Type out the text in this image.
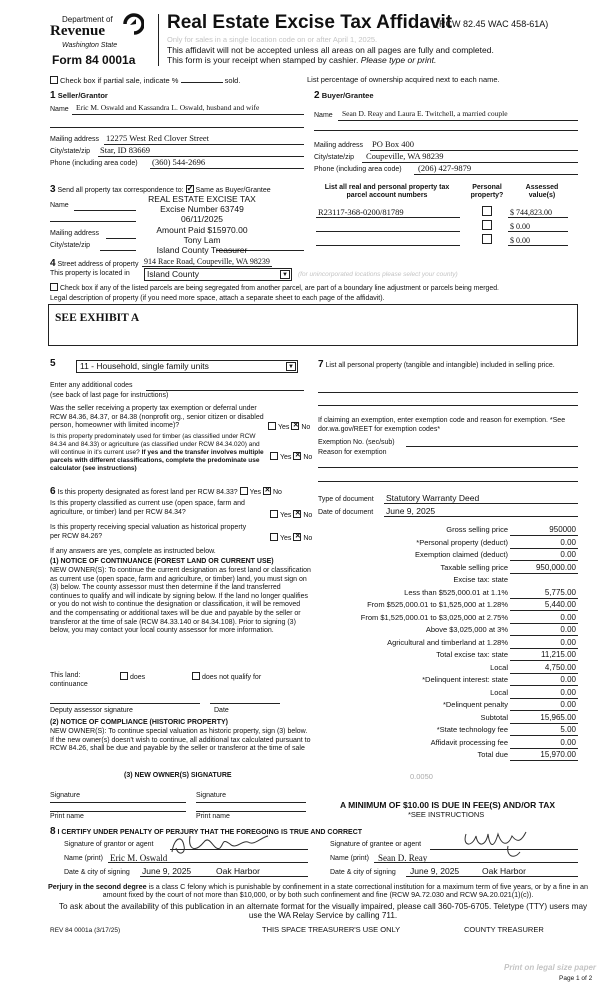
Department of
Revenue
Washington State
Form 84 0001a
Real Estate Excise Tax Affidavit
(RCW 82.45 WAC 458-61A)
Only for sales in a single location code on or after April 1, 2025.
This affidavit will not be accepted unless all areas on all pages are fully and completed.
This form is your receipt when stamped by cashier. Please type or print.
Check box if partial sale, indicate %	sold.	List percentage of ownership acquired next to each name.
1 Seller/Grantor
Name Eric M. Oswald and Kassandra L. Oswald, husband and wife
Mailing address 12275 West Red Clover Street
City/state/zip Star, ID 83669
Phone (including area code) (360) 544-2696
2 Buyer/Grantee
Name Sean D. Reay and Laura E. Twitchell, a married couple
Mailing address PO Box 400
City/state/zip Coupeville, WA 98239
Phone (including area code) (206) 427-9879
3 Send all property tax correspondence to: ✓ Same as Buyer/Grantee
Name
Mailing address
City/state/zip
REAL ESTATE EXCISE TAX
Excise Number 63749
06/11/2025
Amount Paid $15970.00
Tony Lam
Island County Treasurer
List all real and personal property tax parcel account numbers
Personal property?
Assessed value(s)
R23117-368-0200/81789	$ 744,823.00
$ 0.00
$ 0.00
4 Street address of property 914 Race Road, Coupeville, WA 98239
This property is located in Island County	▼	(for unincorporated locations please select your county)
Check box if any of the listed parcels are being segregated from another parcel, are part of a boundary line adjustment or parcels being merged.
Legal description of property (if you need more space, attach a separate sheet to each page of the affidavit).
SEE EXHIBIT A
5	11 - Household, single family units	▼
Enter any additional codes
(see back of last page for instructions)
Was the seller receiving a property tax exemption or deferral under RCW 84.36, 84.37, or 84.38 (nonprofit org., senior citizen or disabled person, homeowner with limited income)?	Yes ✕ No
Is this property predominately used for timber (as classified under RCW 84.34 and 84.33) or agriculture (as classified under RCW 84.34.020) and will continue in it's current use? If yes and the transfer involves multiple parcels with different classifications, complete the predominate use calculator (see instructions)
Yes ✕ No
7 List all personal property (tangible and intangible) included in selling price.
If claiming an exemption, enter exemption code and reason for exemption. *See dor.wa.gov/REET for exemption codes*
Exemption No. (sec/sub)
Reason for exemption
6 Is this property designated as forest land per RCW 84.33? Yes ✕ No
Is this property classified as current use (open space, farm and agriculture, or timber) land per RCW 84.34?	Yes ✕ No
Is this property receiving special valuation as historical property per RCW 84.26?	Yes ✕ No
If any answers are yes, complete as instructed below.
(1) NOTICE OF CONTINUANCE (FOREST LAND OR CURRENT USE)
NEW OWNER(S): To continue the current designation as forest land or classification as current use (open space, farm and agriculture, or timber) land, you must sign on (3) below. The county assessor must then determine if the land transferred continues to qualify and will indicate by signing below. If the land no longer qualifies or you do not wish to continue the designation or classification, it will be removed and the compensating or additional taxes will be due and payable by the seller or transferor at the time of sale (RCW 84.33.140 or 84.34.108). Prior to signing (3) below, you may contact your local county assessor for more information.
This land:
continuance
does	does not qualify for
Deputy assessor signature	Date
(2) NOTICE OF COMPLIANCE (HISTORIC PROPERTY)
NEW OWNER(S): To continue special valuation as historic property, sign (3) below. If the new owner(s) doesn't wish to continue, all additional tax calculated pursuant to RCW 84.26, shall be due and payable by the seller or transferor at the time of sale
(3) NEW OWNER(S) SIGNATURE
Signature	Signature
Print name	Print name
Type of document Statutory Warranty Deed
Date of document June 9, 2025
Gross selling price	950000
*Personal property (deduct)	0.00
Exemption claimed (deduct)	0.00
Taxable selling price	950,000.00
Excise tax: state
Less than $525,000.01 at 1.1%	5,775.00
From $525,000.01 to $1,525,000 at 1.28%	5,440.00
From $1,525,000.01 to $3,025,000 at 2.75%	0.00
Above $3,025,000 at 3%	0.00
Agricultural and timberland at 1.28%	0.00
Total excise tax: state	11,215.00
Local	4,750.00
*Delinquent interest: state	0.00
Local	0.00
*Delinquent penalty	0.00
Subtotal	15,965.00
*State technology fee	5.00
Affidavit processing fee	0.00
Total due	15,970.00
0.0050
A MINIMUM OF $10.00 IS DUE IN FEE(S) AND/OR TAX
*SEE INSTRUCTIONS
8 I CERTIFY UNDER PENALTY OF PERJURY THAT THE FOREGOING IS TRUE AND CORRECT
Signature of grantor or agent
Name (print) Eric M. Oswald
Date & city of signing June 9, 2025	Oak Harbor
Signature of grantee or agent
Name (print) Sean D. Reay
Date & city of signing June 9, 2025	Oak Harbor
Perjury in the second degree is a class C felony which is punishable by confinement in a state correctional institution for a maximum term of five years, or by a fine in an amount fixed by the court of not more than $10,000, or by both such confinement and fine (RCW 9A.72.030 and RCW 9A.20.021(1)(c)).
To ask about the availability of this publication in an alternate format for the visually impaired, please call 360-705-6705. Teletype (TTY) users may use the WA Relay Service by calling 711.
REV 84 0001a (3/17/25)	THIS SPACE TREASURER'S USE ONLY	COUNTY TREASURER
Print on legal size paper
Page 1 of 2
